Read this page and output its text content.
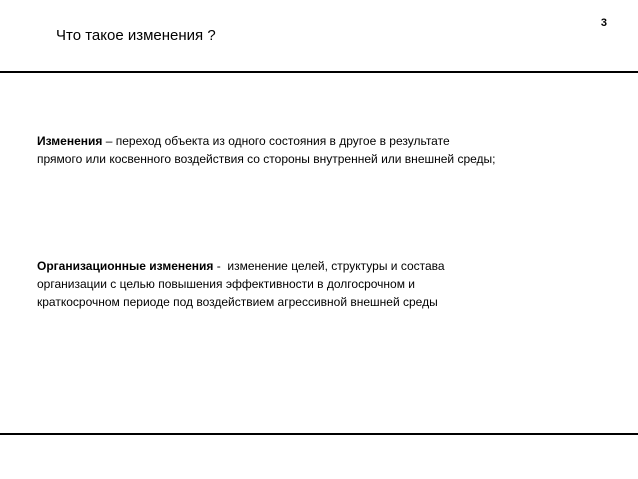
Что такое изменения ?
3
Изменения – переход объекта из одного состояния в другое в результате
прямого или косвенного воздействия со стороны внутренней или внешней среды;
Организационные изменения -  изменение целей, структуры и состава
организации с целью повышения эффективности в долгосрочном и
краткосрочном периоде под воздействием агрессивной внешней среды
